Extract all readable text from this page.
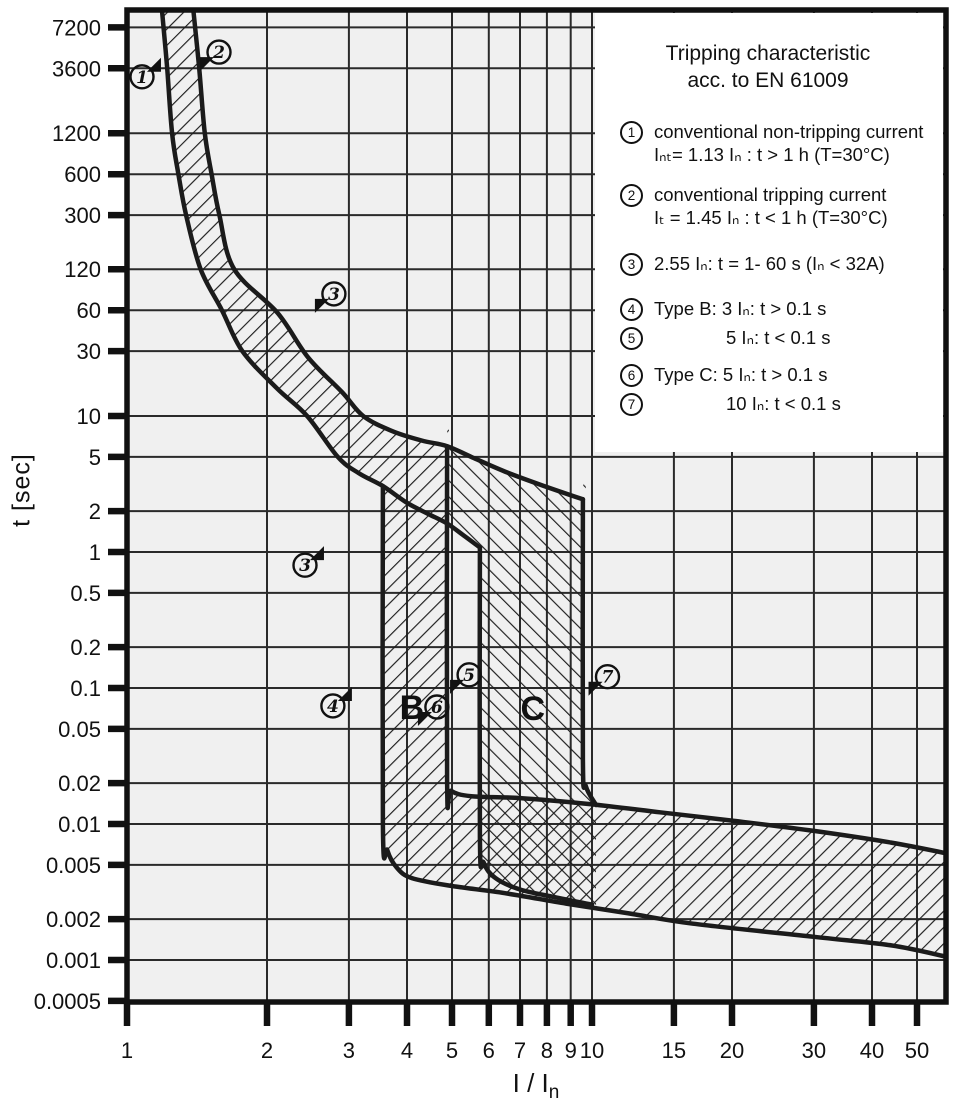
7200
3600
1200
600
300
120
60
30
10
5
2
1
0.5
0.2
0.1
0.05
0.02
0.01
0.005
0.002
0.001
0.0005
1	2	3 4 5 6 7 8 9 10	15 20	30 40 50
1
2
3
3
4
5
6
7
B	C
t [sec]
I / $I_n$
Tripping characteristic
acc. to EN 61009
1	conventional non-tripping current
Iₙₜ= 1.13 Iₙ : t > 1 h (T=30°C)
2	conventional tripping current
Iₜ = 1.45 Iₙ : t < 1 h (T=30°C)
3	2.55 Iₙ: t = 1- 60 s (Iₙ < 32A)
4	Type B: 3 Iₙ: t > 0.1 s
5	5 Iₙ: t < 0.1 s
6	Type C: 5 Iₙ: t > 0.1 s
7	10 Iₙ: t < 0.1 s
